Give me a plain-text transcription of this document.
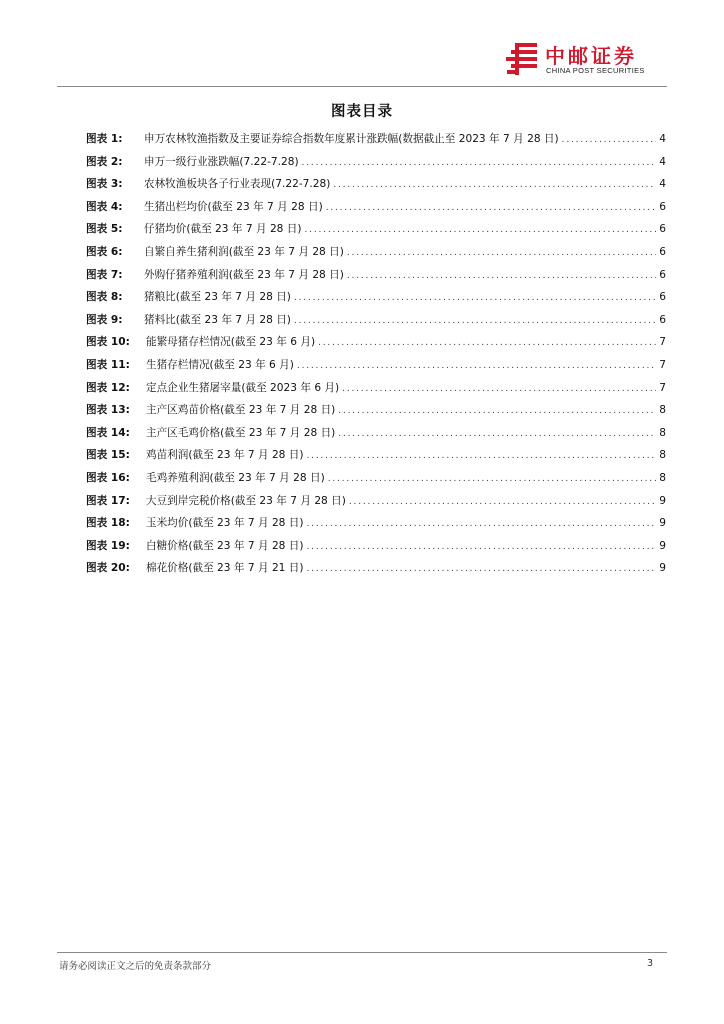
中邮证券
CHINA POST SECURITIES
图表目录
图表 1:	申万农林牧渔指数及主要证券综合指数年度累计涨跌幅(数据截止至 2023 年 7 月 28 日) .....	4
图表 2:	申万一级行业涨跌幅(7.22-7.28) .....	4
图表 3:	农林牧渔板块各子行业表现(7.22-7.28) .....	4
图表 4:	生猪出栏均价(截至 23 年 7 月 28 日) .....	6
图表 5:	仔猪均价(截至 23 年 7 月 28 日) .....	6
图表 6:	自繁自养生猪利润(截至 23 年 7 月 28 日) .....	6
图表 7:	外购仔猪养殖利润(截至 23 年 7 月 28 日) .....	6
图表 8:	猪粮比(截至 23 年 7 月 28 日) .....	6
图表 9:	猪料比(截至 23 年 7 月 28 日) .....	6
图表 10:	能繁母猪存栏情况(截至 23 年 6 月) .....	7
图表 11:	生猪存栏情况(截至 23 年 6 月) .....	7
图表 12:	定点企业生猪屠宰量(截至 2023 年 6 月) .....	7
图表 13:	主产区鸡苗价格(截至 23 年 7 月 28 日) .....	8
图表 14:	主产区毛鸡价格(截至 23 年 7 月 28 日) .....	8
图表 15:	鸡苗利润(截至 23 年 7 月 28 日) .....	8
图表 16:	毛鸡养殖利润(截至 23 年 7 月 28 日) .....	8
图表 17:	大豆到岸完税价格(截至 23 年 7 月 28 日) .....	9
图表 18:	玉米均价(截至 23 年 7 月 28 日) .....	9
图表 19:	白糖价格(截至 23 年 7 月 28 日) .....	9
图表 20:	棉花价格(截至 23 年 7 月 21 日) .....	9
请务必阅读正文之后的免责条款部分	3
